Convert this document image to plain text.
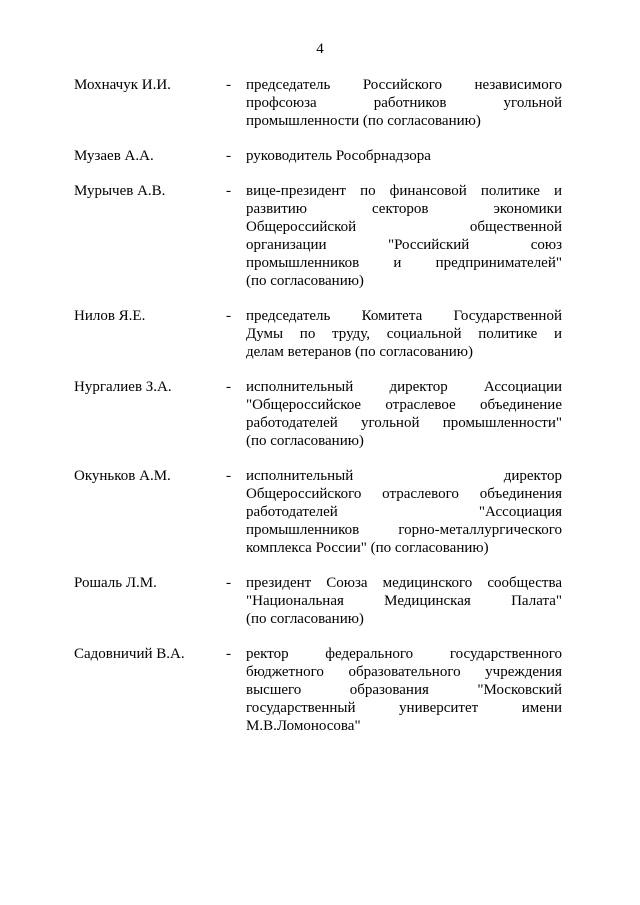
4
Мохначук И.И.	-	председатель Российского независимого
профсоюза работников угольной
промышленности (по согласованию)
Музаев А.А.	-	руководитель Рособрнадзора
Мурычев А.В.	-	вице-президент по финансовой политике и
развитию секторов экономики
Общероссийской общественной
организации "Российский союз
промышленников и предпринимателей"
(по согласованию)
Нилов Я.Е.	-	председатель Комитета Государственной
Думы по труду, социальной политике и
делам ветеранов (по согласованию)
Нургалиев З.А.	-	исполнительный директор Ассоциации
"Общероссийское отраслевое объединение
работодателей угольной промышленности"
(по согласованию)
Окуньков А.М.	-	исполнительный директор
Общероссийского отраслевого объединения
работодателей "Ассоциация
промышленников горно-металлургического
комплекса России" (по согласованию)
Рошаль Л.М.	-	президент Союза медицинского сообщества
"Национальная Медицинская Палата"
(по согласованию)
Садовничий В.А.	-	ректор федерального государственного
бюджетного образовательного учреждения
высшего образования "Московский
государственный университет имени
М.В.Ломоносова"
